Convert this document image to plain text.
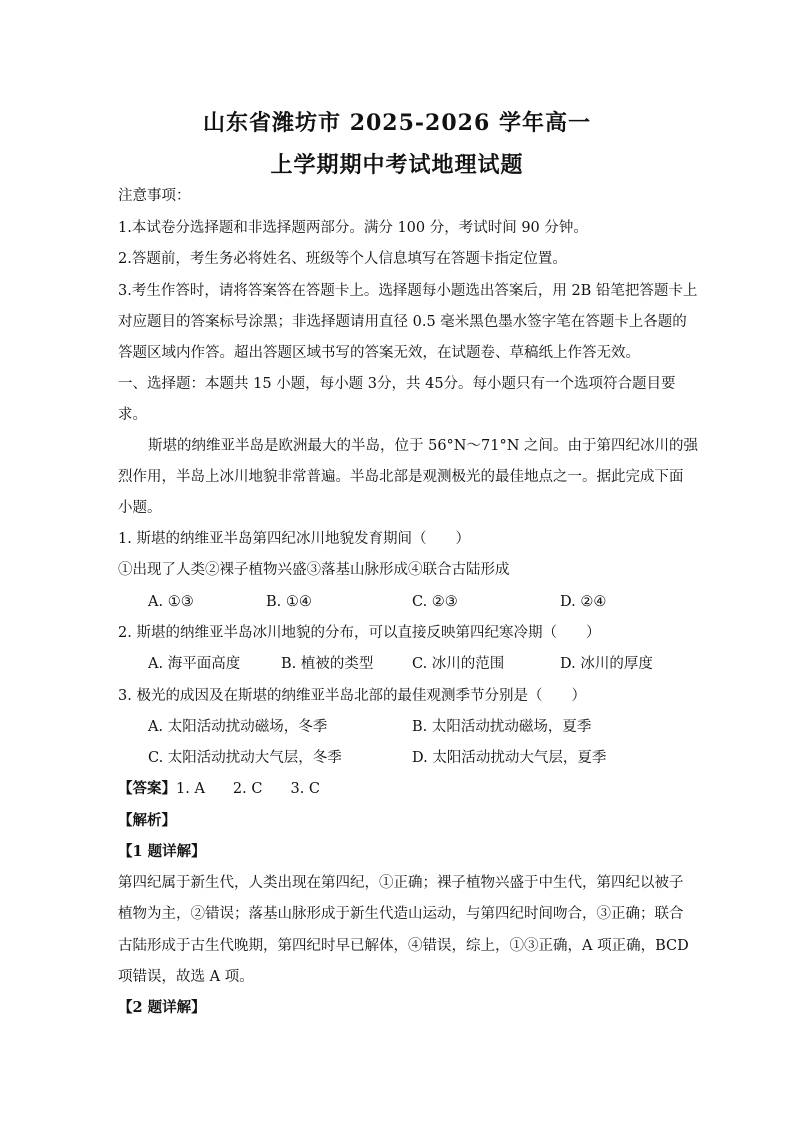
山东省潍坊市 2025-2026 学年高一
上学期期中考试地理试题
注意事项：
1.本试卷分选择题和非选择题两部分。满分 100 分，考试时间 90 分钟。
2.答题前，考生务必将姓名、班级等个人信息填写在答题卡指定位置。
3.考生作答时，请将答案答在答题卡上。选择题每小题选出答案后，用 2B 铅笔把答题卡上
对应题目的答案标号涂黑；非选择题请用直径 0.5 毫米黑色墨水签字笔在答题卡上各题的
答题区域内作答。超出答题区域书写的答案无效，在试题卷、草稿纸上作答无效。
一、选择题：本题共 15 小题，每小题 3分，共 45分。每小题只有一个选项符合题目要
求。
斯堪的纳维亚半岛是欧洲最大的半岛，位于 56°N～71°N 之间。由于第四纪冰川的强
烈作用，半岛上冰川地貌非常普遍。半岛北部是观测极光的最佳地点之一。据此完成下面
小题。
1. 斯堪的纳维亚半岛第四纪冰川地貌发育期间（　　）
①出现了人类②裸子植物兴盛③落基山脉形成④联合古陆形成
A. ①③	B. ①④	C. ②③	D. ②④
2. 斯堪的纳维亚半岛冰川地貌的分布，可以直接反映第四纪寒冷期（　　）
A. 海平面高度	B. 植被的类型	C. 冰川的范围	D. 冰川的厚度
3. 极光的成因及在斯堪的纳维亚半岛北部的最佳观测季节分别是（　　）
A. 太阳活动扰动磁场，冬季	B. 太阳活动扰动磁场，夏季
C. 太阳活动扰动大气层，冬季	D. 太阳活动扰动大气层，夏季
【答案】1. A 2. C 3. C
【解析】
【1 题详解】
第四纪属于新生代，人类出现在第四纪，①正确；裸子植物兴盛于中生代，第四纪以被子
植物为主，②错误；落基山脉形成于新生代造山运动，与第四纪时间吻合，③正确；联合
古陆形成于古生代晚期，第四纪时早已解体，④错误，综上，①③正确，A 项正确，BCD
项错误，故选 A 项。
【2 题详解】
